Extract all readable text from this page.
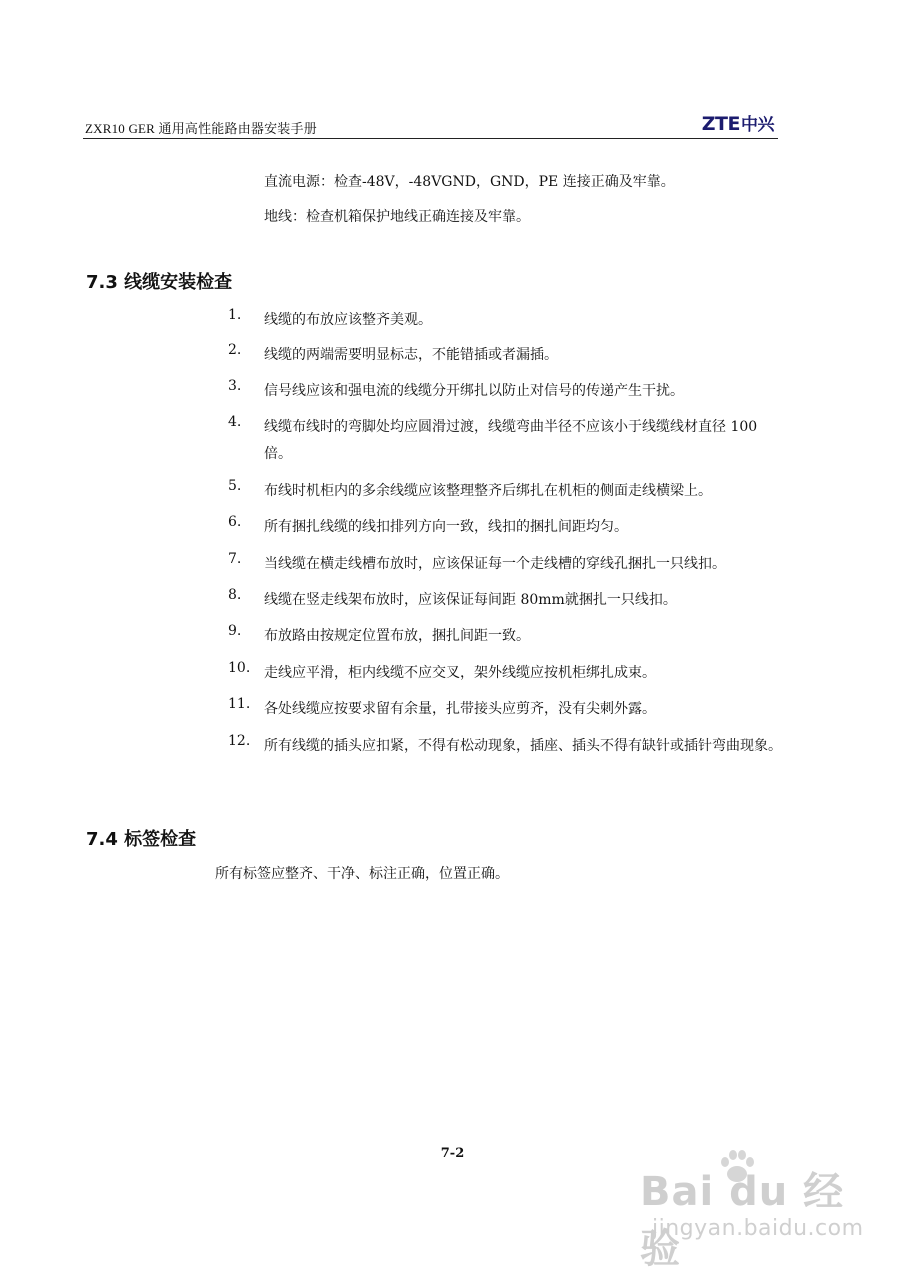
ZXR10 GER 通用高性能路由器安装手册	ZTE中兴
直流电源：检查-48V，-48VGND，GND，PE 连接正确及牢靠。
地线：检查机箱保护地线正确连接及牢靠。
7.3 线缆安装检查
1.	线缆的布放应该整齐美观。
2.	线缆的两端需要明显标志，不能错插或者漏插。
3.	信号线应该和强电流的线缆分开绑扎以防止对信号的传递产生干扰。
4.	线缆布线时的弯脚处均应圆滑过渡，线缆弯曲半径不应该小于线缆线材直径 100 倍。
5.	布线时机柜内的多余线缆应该整理整齐后绑扎在机柜的侧面走线横梁上。
6.	所有捆扎线缆的线扣排列方向一致，线扣的捆扎间距均匀。
7.	当线缆在横走线槽布放时，应该保证每一个走线槽的穿线孔捆扎一只线扣。
8.	线缆在竖走线架布放时，应该保证每间距 80mm就捆扎一只线扣。
9.	布放路由按规定位置布放，捆扎间距一致。
10. 走线应平滑，柜内线缆不应交叉，架外线缆应按机柜绑扎成束。
11. 各处线缆应按要求留有余量，扎带接头应剪齐，没有尖刺外露。
12. 所有线缆的插头应扣紧，不得有松动现象，插座、插头不得有缺针或插针弯曲现象。
7.4 标签检查
所有标签应整齐、干净、标注正确，位置正确。
7-2
Bai du 经验
jingyan.baidu.com
